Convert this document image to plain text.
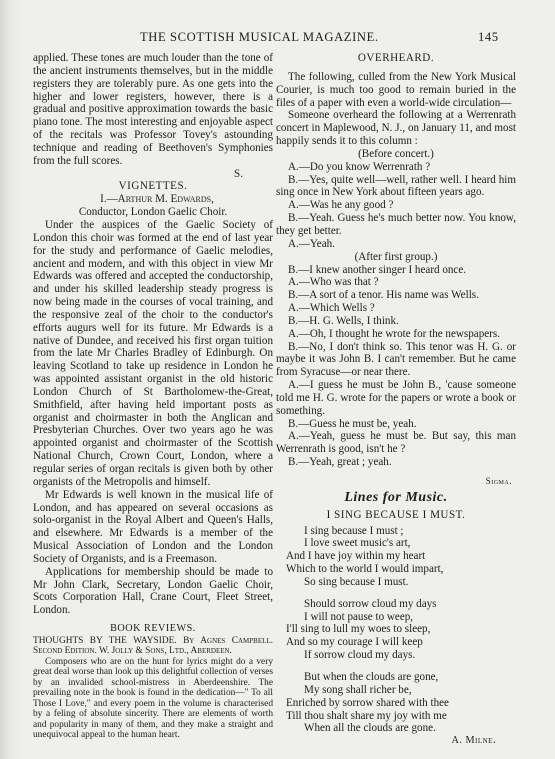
THE SCOTTISH MUSICAL MAGAZINE.	145

applied. These tones are much louder than the tone of the ancient instruments themselves, but in the middle registers they are tolerably pure. As one gets into the higher and lower registers, however, there is a gradual and positive approximation towards the basic piano tone. The most interesting and enjoyable aspect of the recitals was Professor Tovey's astounding technique and reading of Beethoven's Symphonies from the full scores.

S.

VIGNETTES.

I.—Arthur M. Edwards,

Conductor, London Gaelic Choir.

Under the auspices of the Gaelic Society of London this choir was formed at the end of last year for the study and performance of Gaelic melodies, ancient and modern, and with this object in view Mr Edwards was offered and accepted the conductorship, and under his skilled leadership steady progress is now being made in the courses of vocal training, and the responsive zeal of the choir to the conductor's efforts augurs well for its future. Mr Edwards is a native of Dundee, and received his first organ tuition from the late Mr Charles Bradley of Edinburgh. On leaving Scotland to take up residence in London he was appointed assistant organist in the old historic London Church of St Bartholomew-the-Great, Smithfield, after having held important posts as organist and choirmaster in both the Anglican and Presbyterian Churches. Over two years ago he was appointed organist and choirmaster of the Scottish National Church, Crown Court, London, where a regular series of organ recitals is given both by other organists of the Metropolis and himself.

Mr Edwards is well known in the musical life of London, and has appeared on several occasions as solo-organist in the Royal Albert and Queen's Halls, and elsewhere. Mr Edwards is a member of the Musical Association of London and the London Society of Organists, and is a Freemason.

Applications for membership should be made to Mr John Clark, Secretary, London Gaelic Choir, Scots Corporation Hall, Crane Court, Fleet Street, London.

BOOK REVIEWS.

THOUGHTS BY THE WAYSIDE. By Agnes Campbell. Second Edition. W. Jolly & Sons, Ltd., Aberdeen.

Composers who are on the hunt for lyrics might do a very great deal worse than look up this delightful collection of verses by an invalided school-mistress in Aberdeenshire. The prevailing note in the book is found in the dedication—" To all Those I Love," and every poem in the volume is characterised by a feling of absolute sincerity. There are elements of worth and popularity in many of them, and they make a straight and unequivocal appeal to the human heart.

OVERHEARD.

The following, culled from the New York Musical Courier, is much too good to remain buried in the files of a paper with even a world-wide circulation—

Someone overheard the following at a Werrenrath concert in Maplewood, N. J., on January 11, and most happily sends it to this column :

(Before concert.)

A.—Do you know Werrenrath ?

B.—Yes, quite well—well, rather well. I heard him sing once in New York about fifteen years ago.

A.—Was he any good ?

B.—Yeah. Guess he's much better now. You know, they get better.

A.—Yeah.

(After first group.)

B.—I knew another singer I heard once.

A.—Who was that ?

B.—A sort of a tenor. His name was Wells.

A.—Which Wells ?

B.—H. G. Wells, I think.

A.—Oh, I thought he wrote for the newspapers.

B.—No, I don't think so. This tenor was H. G. or maybe it was John B. I can't remember. But he came from Syracuse—or near there.

A.—I guess he must be John B., 'cause someone told me H. G. wrote for the papers or wrote a book or something.

B.—Guess he must be, yeah.

A.—Yeah, guess he must be. But say, this man Werrenrath is good, isn't he ?

B.—Yeah, great ; yeah.

Sigma.

Lines for Music.

I SING BECAUSE I MUST.

I sing because I must ;
I love sweet music's art,
And I have joy within my heart
Which to the world I would impart,
So sing because I must.
Should sorrow cloud my days
I will not pause to weep,
I'll sing to lull my woes to sleep,
And so my courage I will keep
If sorrow cloud my days.
But when the clouds are gone,
My song shall richer be,
Enriched by sorrow shared with thee
Till thou shalt share my joy with me
When all the clouds are gone.

A. Milne.
